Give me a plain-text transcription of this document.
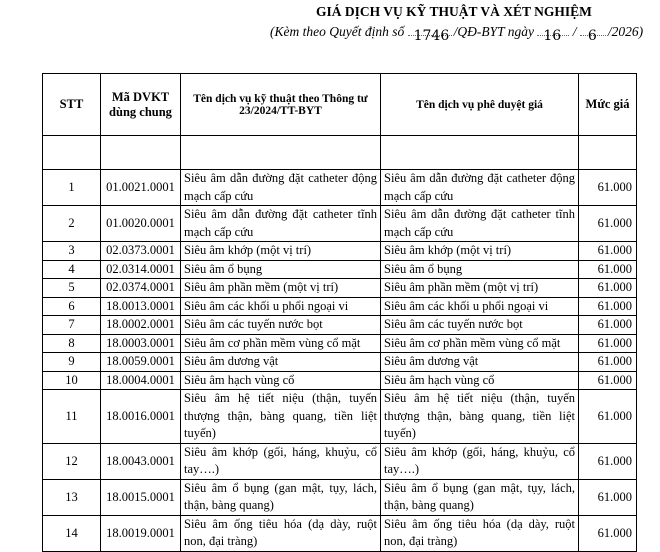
GIÁ DỊCH VỤ KỸ THUẬT VÀ XÉT NGHIỆM
(Kèm theo Quyết định số 1746 /QĐ-BYT ngày 16 / 6 /2026)
STT	Mã DVKT dùng chung	Tên dịch vụ kỹ thuật theo Thông tư 23/2024/TT-BYT	Tên dịch vụ phê duyệt giá	Mức giá

1	01.0021.0001	Siêu âm dẫn đường đặt catheter động mạch cấp cứu	Siêu âm dẫn đường đặt catheter động mạch cấp cứu	61.000
2	01.0020.0001	Siêu âm dẫn đường đặt catheter tĩnh mạch cấp cứu	Siêu âm dẫn đường đặt catheter tĩnh mạch cấp cứu	61.000
3	02.0373.0001	Siêu âm khớp (một vị trí)	Siêu âm khớp (một vị trí)	61.000
4	02.0314.0001	Siêu âm ổ bụng	Siêu âm ổ bụng	61.000
5	02.0374.0001	Siêu âm phần mềm (một vị trí)	Siêu âm phần mềm (một vị trí)	61.000
6	18.0013.0001	Siêu âm các khối u phổi ngoại vi	Siêu âm các khối u phổi ngoại vi	61.000
7	18.0002.0001	Siêu âm các tuyến nước bọt	Siêu âm các tuyến nước bọt	61.000
8	18.0003.0001	Siêu âm cơ phần mềm vùng cổ mặt	Siêu âm cơ phần mềm vùng cổ mặt	61.000
9	18.0059.0001	Siêu âm dương vật	Siêu âm dương vật	61.000
10	18.0004.0001	Siêu âm hạch vùng cổ	Siêu âm hạch vùng cổ	61.000
11	18.0016.0001	Siêu âm hệ tiết niệu (thận, tuyến thượng thận, bàng quang, tiền liệt tuyến)	Siêu âm hệ tiết niệu (thận, tuyến thượng thận, bàng quang, tiền liệt tuyến)	61.000
12	18.0043.0001	Siêu âm khớp (gối, háng, khuỷu, cổ tay….)	Siêu âm khớp (gối, háng, khuỷu, cổ tay….)	61.000
13	18.0015.0001	Siêu âm ổ bụng (gan mật, tụy, lách, thận, bàng quang)	Siêu âm ổ bụng (gan mật, tụy, lách, thận, bàng quang)	61.000
14	18.0019.0001	Siêu âm ống tiêu hóa (dạ dày, ruột non, đại tràng)	Siêu âm ống tiêu hóa (dạ dày, ruột non, đại tràng)	61.000
